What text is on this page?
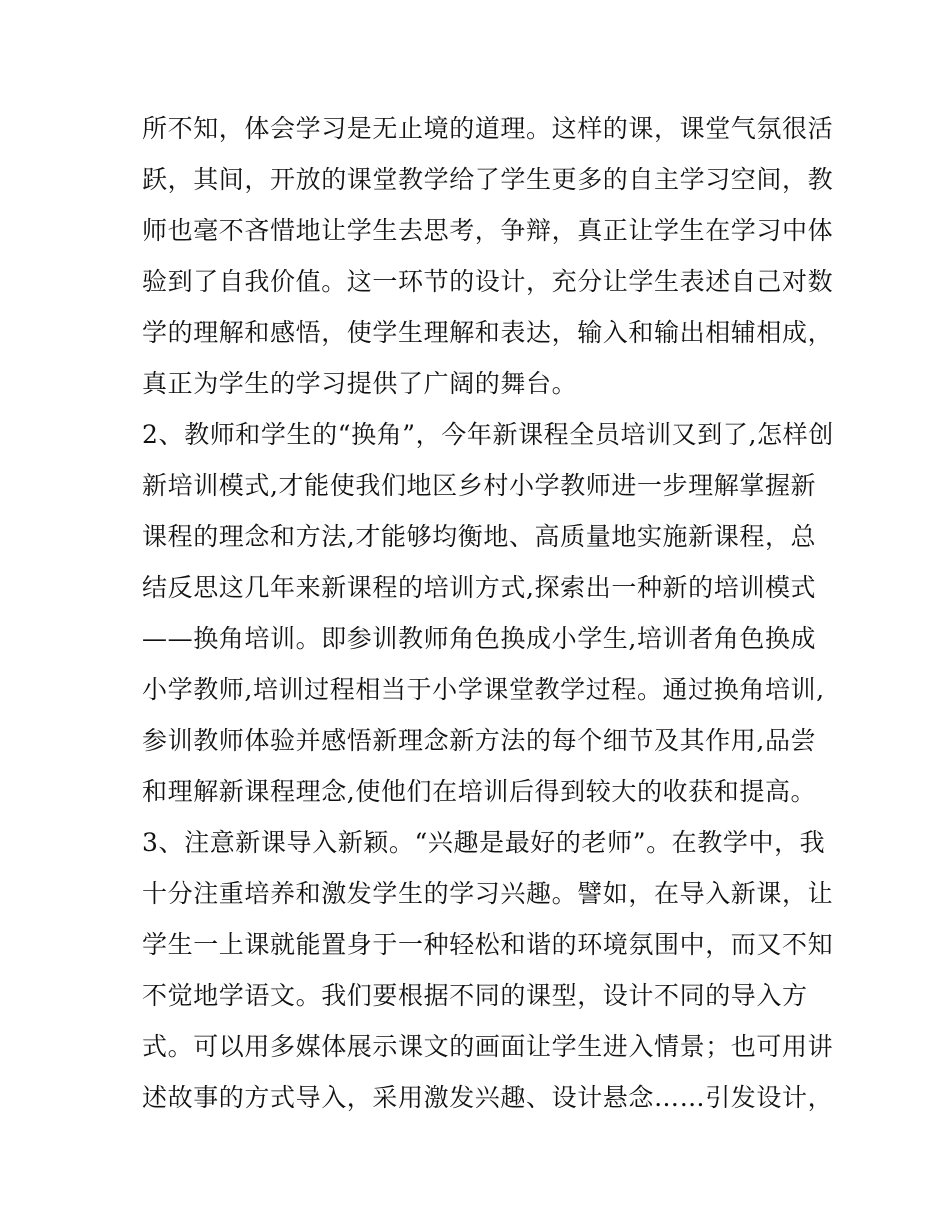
所不知，体会学习是无止境的道理。这样的课，课堂气氛很活
跃，其间，开放的课堂教学给了学生更多的自主学习空间，教
师也毫不吝惜地让学生去思考，争辩，真正让学生在学习中体
验到了自我价值。这一环节的设计，充分让学生表述自己对数
学的理解和感悟，使学生理解和表达，输入和输出相辅相成，
真正为学生的学习提供了广阔的舞台。
2、教师和学生的“换角”，今年新课程全员培训又到了,怎样创
新培训模式,才能使我们地区乡村小学教师进一步理解掌握新
课程的理念和方法,才能够均衡地、高质量地实施新课程，总
结反思这几年来新课程的培训方式,探索出一种新的培训模式
——换角培训。即参训教师角色换成小学生,培训者角色换成
小学教师,培训过程相当于小学课堂教学过程。通过换角培训,
参训教师体验并感悟新理念新方法的每个细节及其作用,品尝
和理解新课程理念,使他们在培训后得到较大的收获和提高。
3、注意新课导入新颖。“兴趣是最好的老师”。在教学中，我
十分注重培养和激发学生的学习兴趣。譬如，在导入新课，让
学生一上课就能置身于一种轻松和谐的环境氛围中，而又不知
不觉地学语文。我们要根据不同的课型，设计不同的导入方
式。可以用多媒体展示课文的画面让学生进入情景；也可用讲
述故事的方式导入，采用激发兴趣、设计悬念……引发设计，
